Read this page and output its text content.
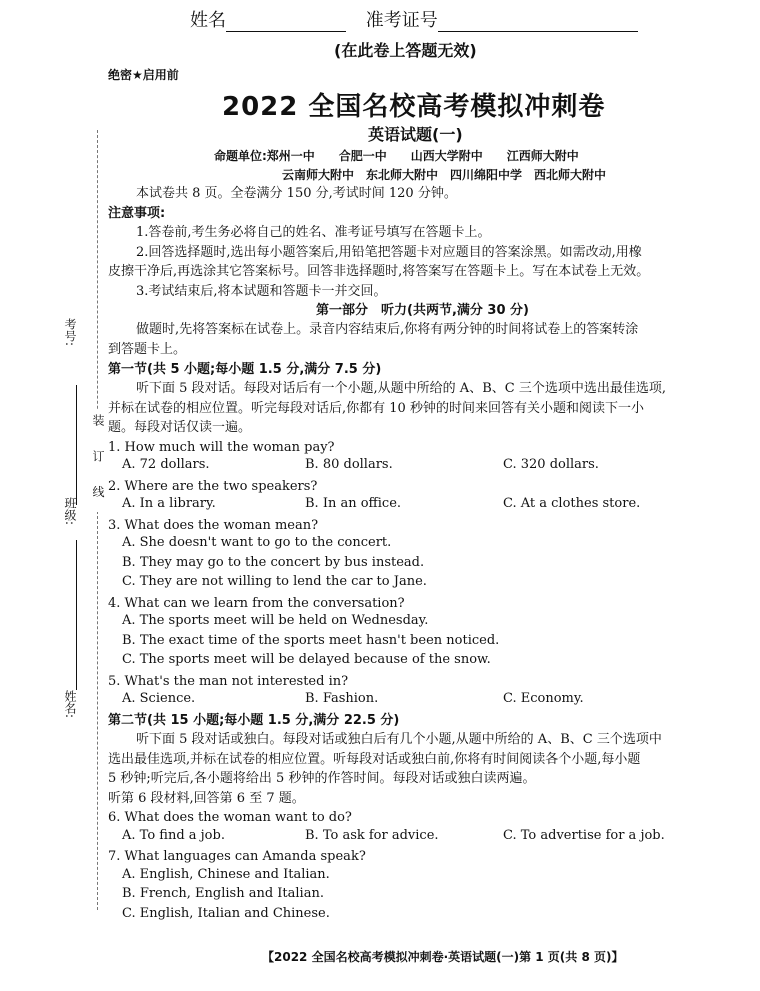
考号:
班级:
姓名:
装 订 线
姓名	准考证号
(在此卷上答题无效)
绝密★启用前
2022 全国名校高考模拟冲刺卷
英语试题(一)
命题单位:郑州一中　　合肥一中　　山西大学附中　　江西师大附中
云南师大附中　东北师大附中　四川绵阳中学　西北师大附中
本试卷共 8 页。全卷满分 150 分,考试时间 120 分钟。
注意事项:
1.答卷前,考生务必将自己的姓名、准考证号填写在答题卡上。
2.回答选择题时,选出每小题答案后,用铅笔把答题卡对应题目的答案涂黑。如需改动,用橡
皮擦干净后,再选涂其它答案标号。回答非选择题时,将答案写在答题卡上。写在本试卷上无效。
3.考试结束后,将本试题和答题卡一并交回。
第一部分　听力(共两节,满分 30 分)
做题时,先将答案标在试卷上。录音内容结束后,你将有两分钟的时间将试卷上的答案转涂
到答题卡上。
第一节(共 5 小题;每小题 1.5 分,满分 7.5 分)
听下面 5 段对话。每段对话后有一个小题,从题中所给的 A、B、C 三个选项中选出最佳选项,
并标在试卷的相应位置。听完每段对话后,你都有 10 秒钟的时间来回答有关小题和阅读下一小
题。每段对话仅读一遍。
1. How much will the woman pay?
A. 72 dollars.	B. 80 dollars.	C. 320 dollars.
2. Where are the two speakers?
A. In a library.	B. In an office.	C. At a clothes store.
3. What does the woman mean?
A. She doesn't want to go to the concert.
B. They may go to the concert by bus instead.
C. They are not willing to lend the car to Jane.
4. What can we learn from the conversation?
A. The sports meet will be held on Wednesday.
B. The exact time of the sports meet hasn't been noticed.
C. The sports meet will be delayed because of the snow.
5. What's the man not interested in?
A. Science.	B. Fashion.	C. Economy.
第二节(共 15 小题;每小题 1.5 分,满分 22.5 分)
听下面 5 段对话或独白。每段对话或独白后有几个小题,从题中所给的 A、B、C 三个选项中
选出最佳选项,并标在试卷的相应位置。听每段对话或独白前,你将有时间阅读各个小题,每小题
5 秒钟;听完后,各小题将给出 5 秒钟的作答时间。每段对话或独白读两遍。
听第 6 段材料,回答第 6 至 7 题。
6. What does the woman want to do?
A. To find a job.	B. To ask for advice.	C. To advertise for a job.
7. What languages can Amanda speak?
A. English, Chinese and Italian.
B. French, English and Italian.
C. English, Italian and Chinese.
【2022 全国名校高考模拟冲刺卷·英语试题(一)第 1 页(共 8 页)】
